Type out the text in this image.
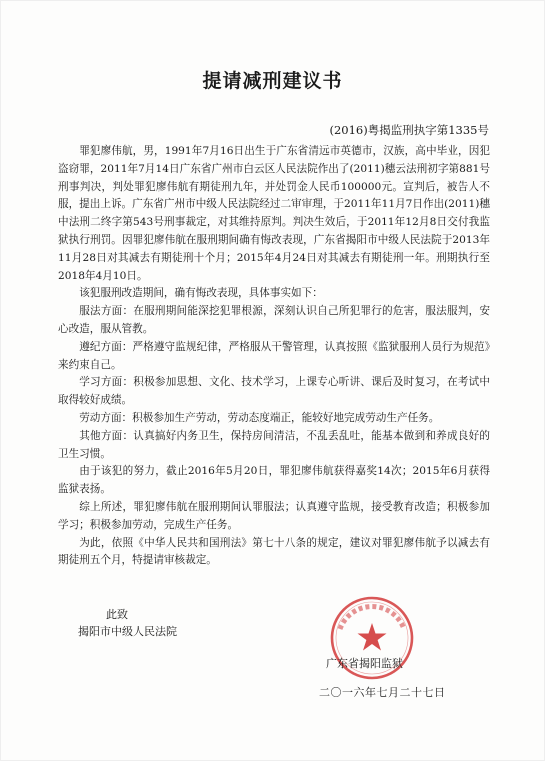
提请减刑建议书
(2016)粤揭监刑执字第1335号

罪犯廖伟航，男，1991年7月16日出生于广东省清远市英德市，汉族，高中毕业，因犯盗窃罪，2011年7月14日广东省广州市白云区人民法院作出了(2011)穗云法刑初字第881号刑事判决，判处罪犯廖伟航有期徒刑九年，并处罚金人民币100000元。宣判后，被告人不服，提出上诉。广东省广州市中级人民法院经过二审审理，于2011年11月7日作出(2011)穗中法刑二终字第543号刑事裁定，对其维持原判。判决生效后，于2011年12月8日交付我监狱执行刑罚。因罪犯廖伟航在服刑期间确有悔改表现，广东省揭阳市中级人民法院于2013年11月28日对其减去有期徒刑十个月；2015年4月24日对其减去有期徒刑一年。刑期执行至2018年4月10日。

该犯服刑改造期间，确有悔改表现，具体事实如下：

服法方面：在服刑期间能深挖犯罪根源，深刻认识自己所犯罪行的危害，服法服判，安心改造，服从管教。

遵纪方面：严格遵守监规纪律，严格服从干警管理，认真按照《监狱服刑人员行为规范》来约束自己。

学习方面：积极参加思想、文化、技术学习，上课专心听讲、课后及时复习，在考试中取得较好成绩。

劳动方面：积极参加生产劳动，劳动态度端正，能较好地完成劳动生产任务。

其他方面：认真搞好内务卫生，保持房间清洁，不乱丢乱吐，能基本做到和养成良好的卫生习惯。

由于该犯的努力，截止2016年5月20日，罪犯廖伟航获得嘉奖14次；2015年6月获得监狱表扬。

综上所述，罪犯廖伟航在服刑期间认罪服法；认真遵守监规，接受教育改造；积极参加学习；积极参加劳动，完成生产任务。

为此，依照《中华人民共和国刑法》第七十八条的规定，建议对罪犯廖伟航予以减去有期徒刑五个月，特提请审核裁定。

此致
揭阳市中级人民法院
广东省揭阳监狱
二〇一六年七月二十七日
